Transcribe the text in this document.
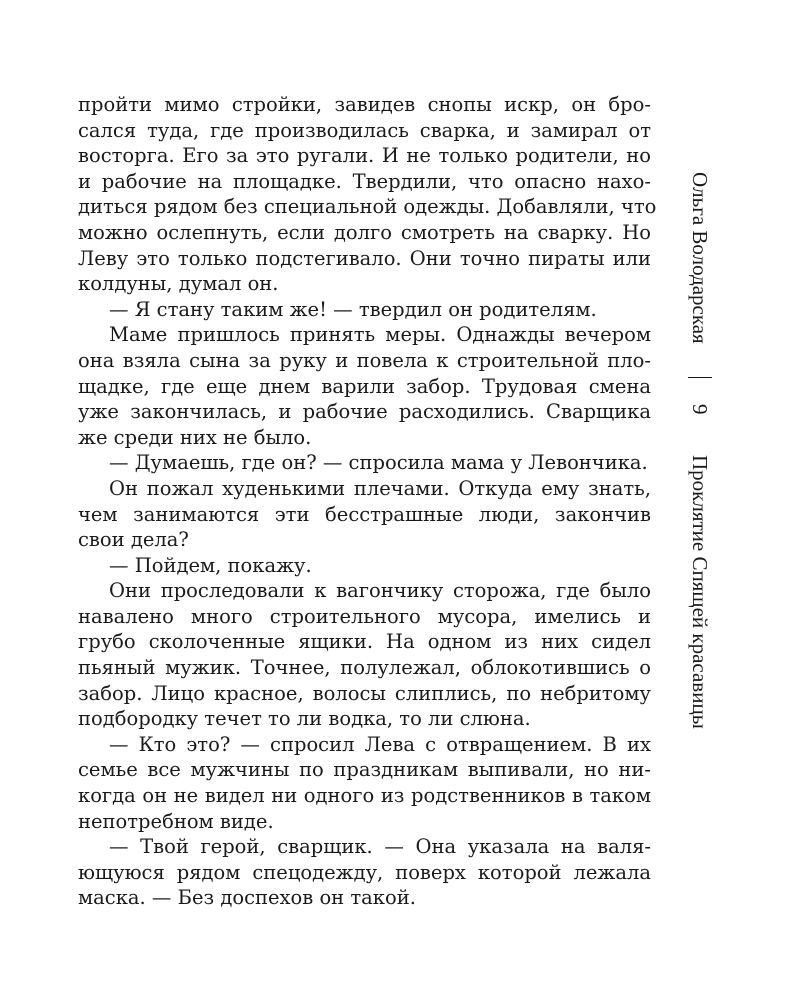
пройти мимо стройки, завидев снопы искр, он бро-
сался туда, где производилась сварка, и замирал от
восторга. Его за это ругали. И не только родители, но
и рабочие на площадке. Твердили, что опасно нахо-
диться рядом без специальной одежды. Добавляли, что
можно ослепнуть, если долго смотреть на сварку. Но
Леву это только подстегивало. Они точно пираты или
колдуны, думал он.
— Я стану таким же! — твердил он родителям.
Маме пришлось принять меры. Однажды вечером
она взяла сына за руку и повела к строительной пло-
щадке, где еще днем варили забор. Трудовая смена
уже закончилась, и рабочие расходились. Сварщика
же среди них не было.
— Думаешь, где он? — спросила мама у Левончика.
Он пожал худенькими плечами. Откуда ему знать,
чем занимаются эти бесстрашные люди, закончив
свои дела?
— Пойдем, покажу.
Они проследовали к вагончику сторожа, где было
навалено много строительного мусора, имелись и
грубо сколоченные ящики. На одном из них сидел
пьяный мужик. Точнее, полулежал, облокотившись о
забор. Лицо красное, волосы слиплись, по небритому
подбородку течет то ли водка, то ли слюна.
— Кто это? — спросил Лева с отвращением. В их
семье все мужчины по праздникам выпивали, но ни-
когда он не видел ни одного из родственников в таком
непотребном виде.
— Твой герой, сварщик. — Она указала на валя-
ющуюся рядом спецодежду, поверх которой лежала
маска. — Без доспехов он такой.
Ольга Володарская
9
Проклятие Спящей красавицы
